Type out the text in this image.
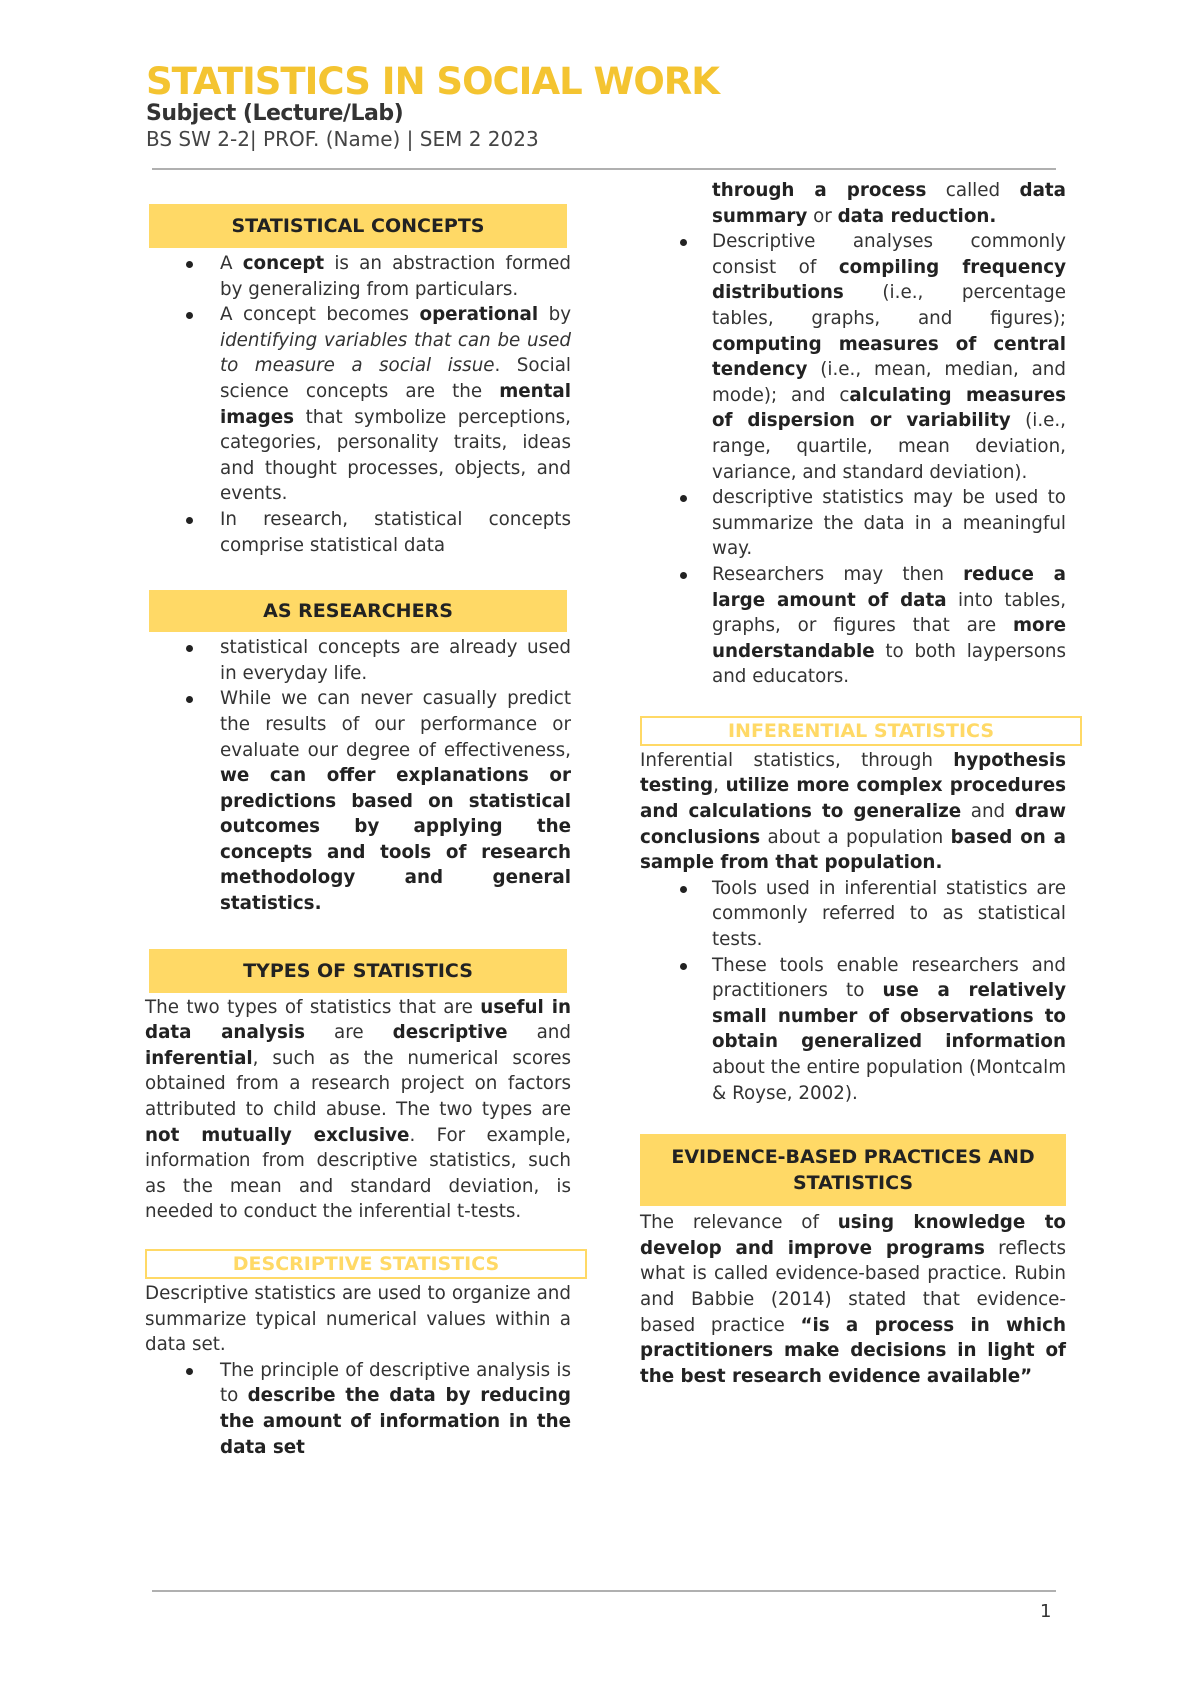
STATISTICS IN SOCIAL WORK
Subject (Lecture/Lab)
BS SW 2-2| PROF. (Name) | SEM 2 2023
STATISTICAL CONCEPTS
A concept is an abstraction formed by generalizing from particulars.
A concept becomes operational by identifying variables that can be used to measure a social issue. Social science concepts are the mental images that symbolize perceptions, categories, personality traits, ideas and thought processes, objects, and events.
In research, statistical concepts comprise statistical data
AS RESEARCHERS
statistical concepts are already used in everyday life.
While we can never casually predict the results of our performance or evaluate our degree of effectiveness, we can offer explanations or predictions based on statistical outcomes by applying the concepts and tools of research methodology and general statistics.
TYPES OF STATISTICS

The two types of statistics that are useful in data analysis are descriptive and inferential, such as the numerical scores obtained from a research project on factors attributed to child abuse. The two types are not mutually exclusive. For example, information from descriptive statistics, such as the mean and standard deviation, is needed to conduct the inferential t-tests.

DESCRIPTIVE STATISTICS

Descriptive statistics are used to organize and summarize typical numerical values within a data set.

The principle of descriptive analysis is to describe the data by reducing the amount of information in the data set
through a process called data summary or data reduction.
Descriptive analyses commonly consist of compiling frequency distributions (i.e., percentage tables, graphs, and figures); computing measures of central tendency (i.e., mean, median, and mode); and calculating measures of dispersion or variability (i.e., range, quartile, mean deviation, variance, and standard deviation).
descriptive statistics may be used to summarize the data in a meaningful way.
Researchers may then reduce a large amount of data into tables, graphs, or figures that are more understandable to both laypersons and educators.
INFERENTIAL STATISTICS

Inferential statistics, through hypothesis testing, utilize more complex procedures and calculations to generalize and draw conclusions about a population based on a sample from that population.

Tools used in inferential statistics are commonly referred to as statistical tests.
These tools enable researchers and practitioners to use a relatively small number of observations to obtain generalized information about the entire population (Montcalm & Royse, 2002).
EVIDENCE-BASED PRACTICES AND STATISTICS

The relevance of using knowledge to develop and improve programs reflects what is called evidence-based practice. Rubin and Babbie (2014) stated that evidence-based practice “is a process in which practitioners make decisions in light of the best research evidence available”

1
